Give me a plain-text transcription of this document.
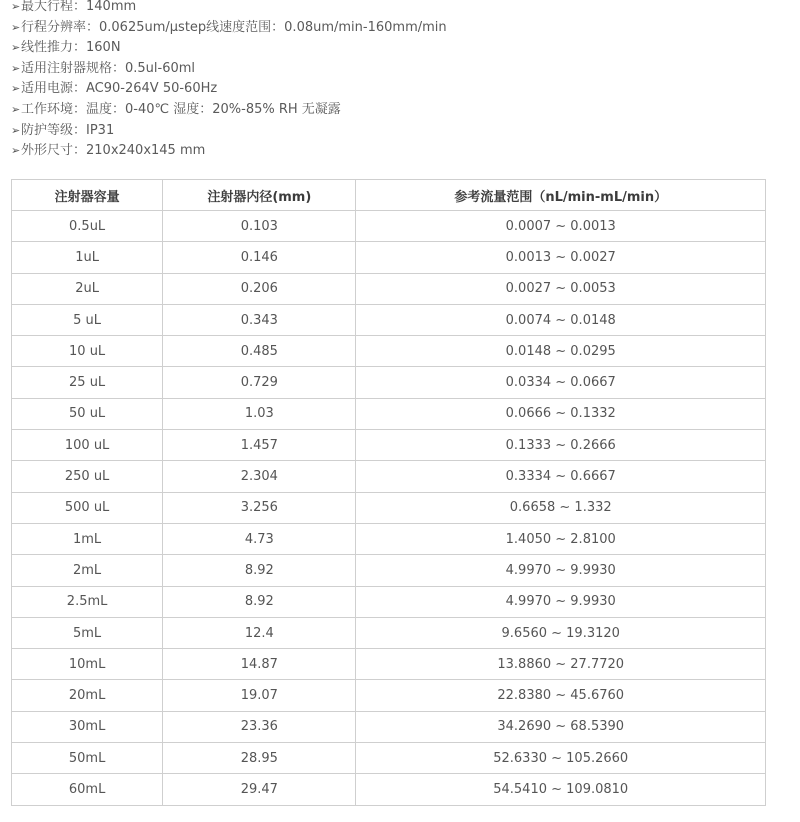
➢最大行程：140mm
➢行程分辨率：0.0625um/μstep线速度范围：0.08um/min-160mm/min
➢线性推力：160N
➢适用注射器规格：0.5ul-60ml
➢适用电源：AC90-264V 50-60Hz
➢工作环境：温度：0-40℃ 湿度：20%-85% RH 无凝露
➢防护等级：IP31
➢外形尺寸：210x240x145 mm
注射器容量	注射器内径(mm)	参考流量范围（nL/min-mL/min）
0.5uL	0.103	0.0007 ~ 0.0013
1uL	0.146	0.0013 ~ 0.0027
2uL	0.206	0.0027 ~ 0.0053
5 uL	0.343	0.0074 ~ 0.0148
10 uL	0.485	0.0148 ~ 0.0295
25 uL	0.729	0.0334 ~ 0.0667
50 uL	1.03	0.0666 ~ 0.1332
100 uL	1.457	0.1333 ~ 0.2666
250 uL	2.304	0.3334 ~ 0.6667
500 uL	3.256	0.6658 ~ 1.332
1mL	4.73	1.4050 ~ 2.8100
2mL	8.92	4.9970 ~ 9.9930
2.5mL	8.92	4.9970 ~ 9.9930
5mL	12.4	9.6560 ~ 19.3120
10mL	14.87	13.8860 ~ 27.7720
20mL	19.07	22.8380 ~ 45.6760
30mL	23.36	34.2690 ~ 68.5390
50mL	28.95	52.6330 ~ 105.2660
60mL	29.47	54.5410 ~ 109.0810
